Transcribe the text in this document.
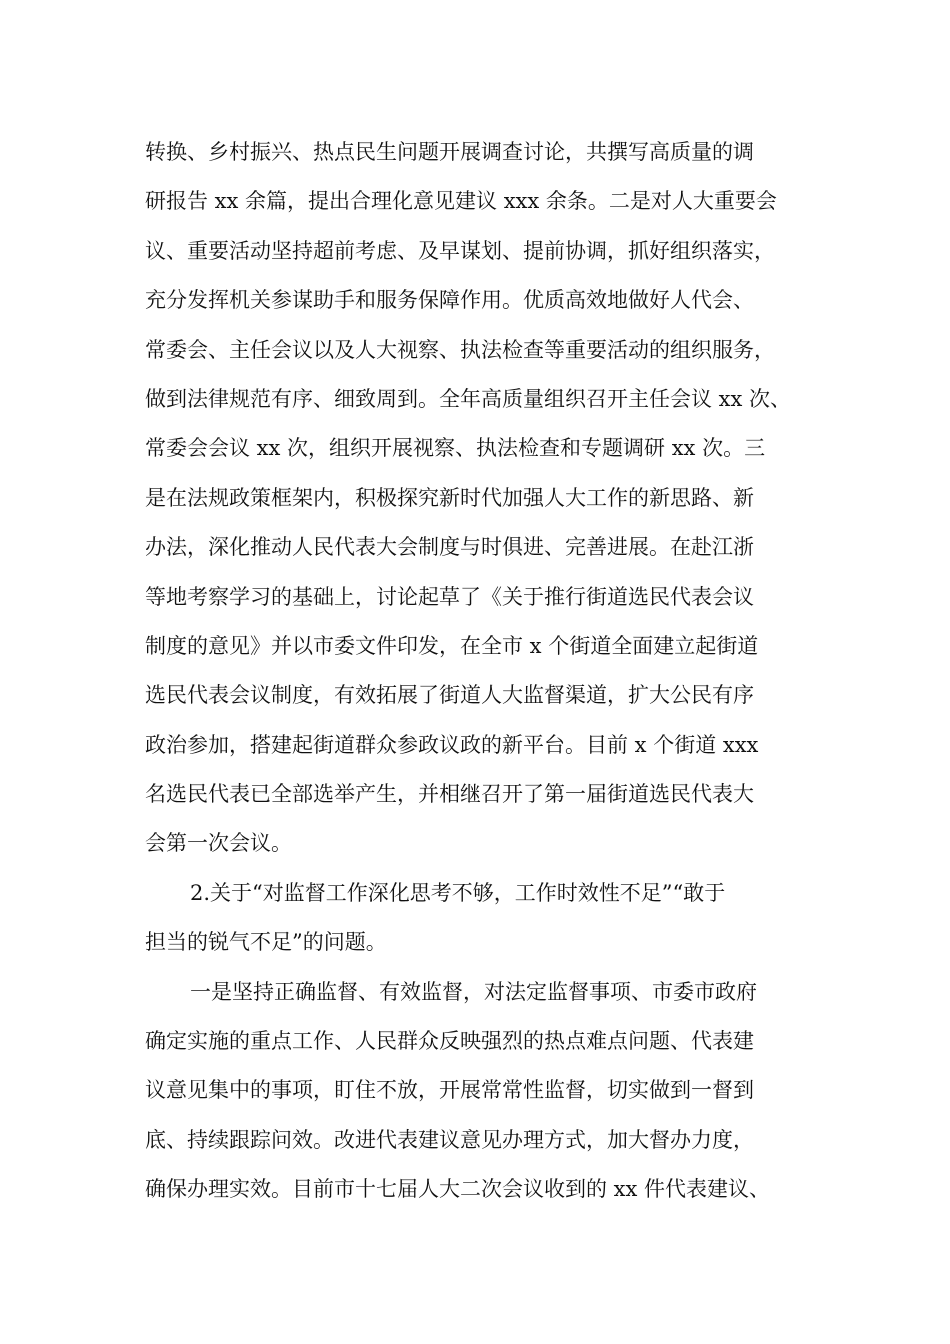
转换、乡村振兴、热点民生问题开展调查讨论，共撰写高质量的调
研报告 xx 余篇，提出合理化意见建议 xxx 余条。二是对人大重要会
议、重要活动坚持超前考虑、及早谋划、提前协调，抓好组织落实，
充分发挥机关参谋助手和服务保障作用。优质高效地做好人代会、
常委会、主任会议以及人大视察、执法检查等重要活动的组织服务，
做到法律规范有序、细致周到。全年高质量组织召开主任会议 xx 次、
常委会会议 xx 次，组织开展视察、执法检查和专题调研 xx 次。三
是在法规政策框架内，积极探究新时代加强人大工作的新思路、新
办法，深化推动人民代表大会制度与时俱进、完善进展。在赴江浙
等地考察学习的基础上，讨论起草了《关于推行街道选民代表会议
制度的意见》并以市委文件印发，在全市 x 个街道全面建立起街道
选民代表会议制度，有效拓展了街道人大监督渠道，扩大公民有序
政治参加，搭建起街道群众参政议政的新平台。目前 x 个街道 xxx
名选民代表已全部选举产生，并相继召开了第一届街道选民代表大
会第一次会议。
2.关于“对监督工作深化思考不够，工作时效性不足”“敢于
担当的锐气不足”的问题。
一是坚持正确监督、有效监督，对法定监督事项、市委市政府
确定实施的重点工作、人民群众反映强烈的热点难点问题、代表建
议意见集中的事项，盯住不放，开展常常性监督，切实做到一督到
底、持续跟踪问效。改进代表建议意见办理方式，加大督办力度，
确保办理实效。目前市十七届人大二次会议收到的 xx 件代表建议、
